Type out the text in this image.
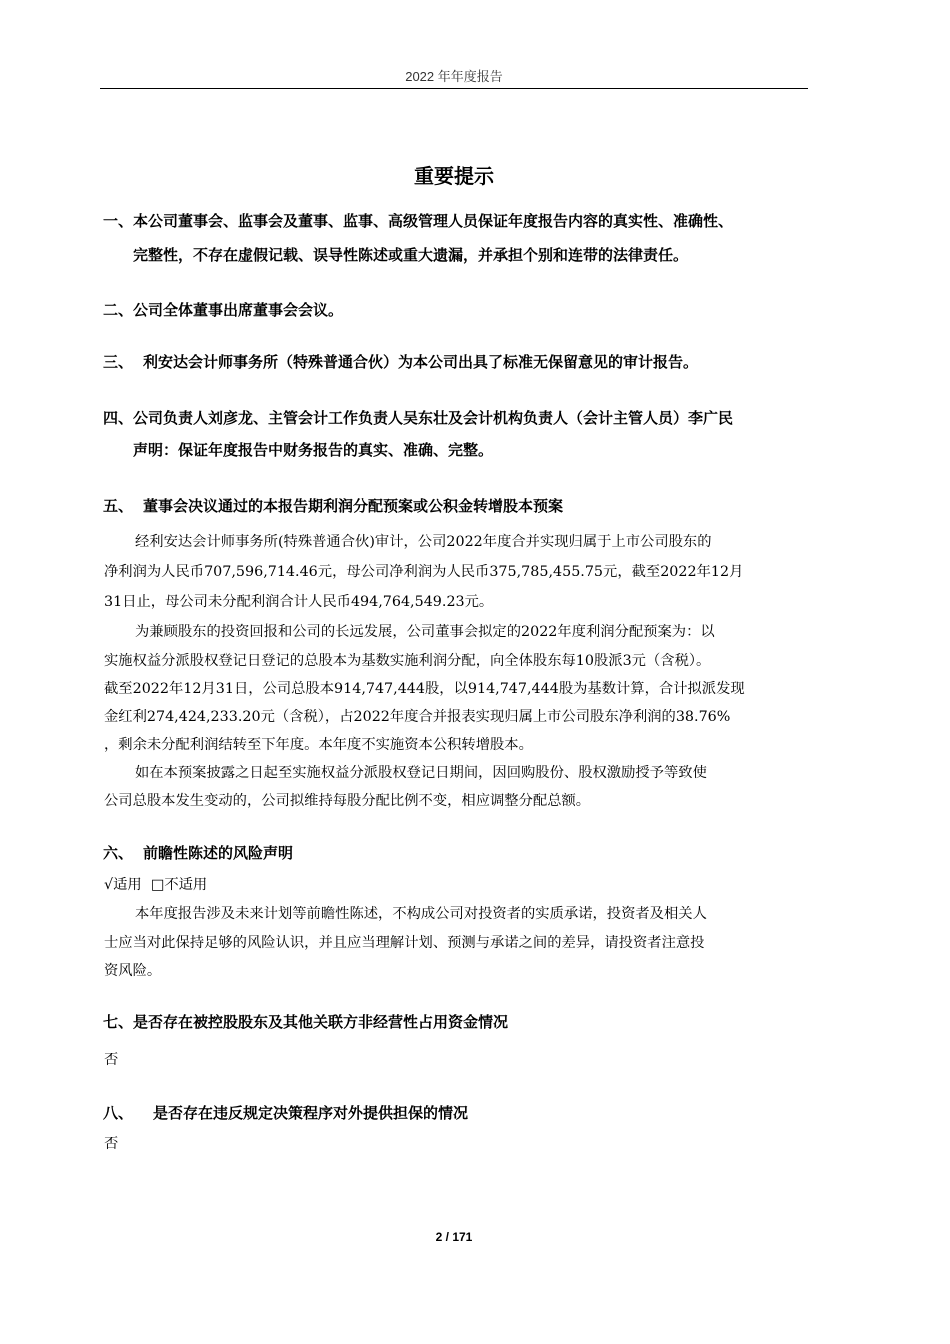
2022 年年度报告
重要提示
一、本公司董事会、监事会及董事、监事、高级管理人员保证年度报告内容的真实性、准确性、
完整性，不存在虚假记载、误导性陈述或重大遗漏，并承担个别和连带的法律责任。
二、公司全体董事出席董事会会议。
三、 利安达会计师事务所（特殊普通合伙）为本公司出具了标准无保留意见的审计报告。
四、公司负责人刘彦龙、主管会计工作负责人吴东壮及会计机构负责人（会计主管人员）李广民
声明：保证年度报告中财务报告的真实、准确、完整。
五、 董事会决议通过的本报告期利润分配预案或公积金转增股本预案
经利安达会计师事务所(特殊普通合伙)审计，公司2022年度合并实现归属于上市公司股东的
净利润为人民币707,596,714.46元，母公司净利润为人民币375,785,455.75元，截至2022年12月
31日止，母公司未分配利润合计人民币494,764,549.23元。
为兼顾股东的投资回报和公司的长远发展，公司董事会拟定的2022年度利润分配预案为：以
实施权益分派股权登记日登记的总股本为基数实施利润分配，向全体股东每10股派3元（含税）。
截至2022年12月31日，公司总股本914,747,444股，以914,747,444股为基数计算，合计拟派发现
金红利274,424,233.20元（含税），占2022年度合并报表实现归属上市公司股东净利润的38.76%
，剩余未分配利润结转至下年度。本年度不实施资本公积转增股本。
如在本预案披露之日起至实施权益分派股权登记日期间，因回购股份、股权激励授予等致使
公司总股本发生变动的，公司拟维持每股分配比例不变，相应调整分配总额。
六、 前瞻性陈述的风险声明
√适用 □不适用
本年度报告涉及未来计划等前瞻性陈述，不构成公司对投资者的实质承诺，投资者及相关人
士应当对此保持足够的风险认识，并且应当理解计划、预测与承诺之间的差异，请投资者注意投
资风险。
七、是否存在被控股股东及其他关联方非经营性占用资金情况
否
八、 是否存在违反规定决策程序对外提供担保的情况
否
2 / 171
